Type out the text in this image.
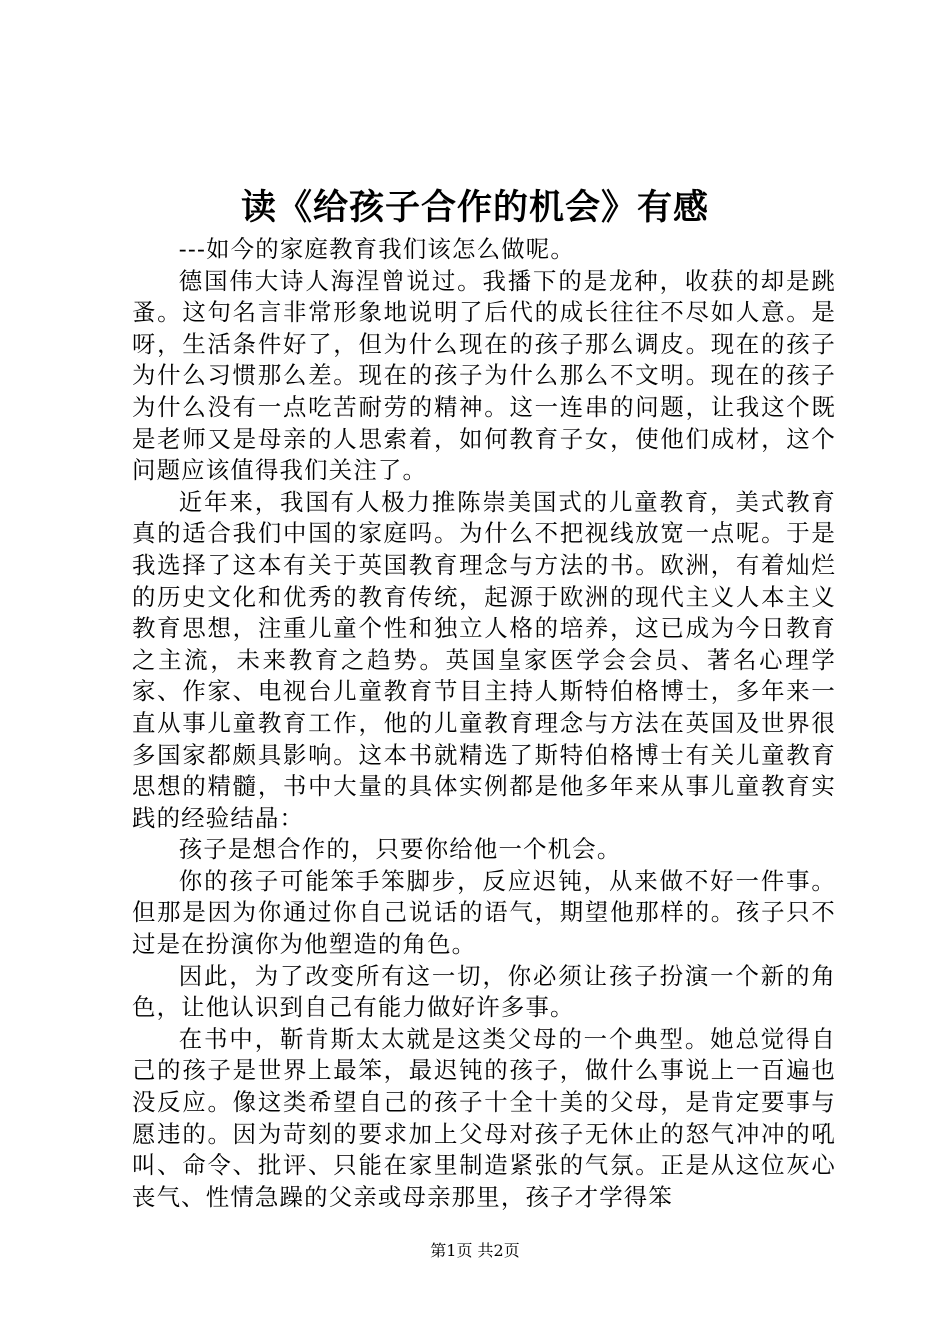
读《给孩子合作的机会》有感

---如今的家庭教育我们该怎么做呢。

德国伟大诗人海涅曾说过。我播下的是龙种，收获的却是跳蚤。这句名言非常形象地说明了后代的成长往往不尽如人意。是呀，生活条件好了，但为什么现在的孩子那么调皮。现在的孩子为什么习惯那么差。现在的孩子为什么那么不文明。现在的孩子为什么没有一点吃苦耐劳的精神。这一连串的问题，让我这个既是老师又是母亲的人思索着，如何教育子女，使他们成材，这个问题应该值得我们关注了。

近年来，我国有人极力推陈崇美国式的儿童教育，美式教育真的适合我们中国的家庭吗。为什么不把视线放宽一点呢。于是我选择了这本有关于英国教育理念与方法的书。欧洲，有着灿烂的历史文化和优秀的教育传统，起源于欧洲的现代主义人本主义教育思想，注重儿童个性和独立人格的培养，这已成为今日教育之主流，未来教育之趋势。英国皇家医学会会员、著名心理学家、作家、电视台儿童教育节目主持人斯特伯格博士，多年来一直从事儿童教育工作，他的儿童教育理念与方法在英国及世界很多国家都颇具影响。这本书就精选了斯特伯格博士有关儿童教育思想的精髓，书中大量的具体实例都是他多年来从事儿童教育实践的经验结晶：

孩子是想合作的，只要你给他一个机会。

你的孩子可能笨手笨脚步，反应迟钝，从来做不好一件事。但那是因为你通过你自己说话的语气，期望他那样的。孩子只不过是在扮演你为他塑造的角色。

因此，为了改变所有这一切，你必须让孩子扮演一个新的角色，让他认识到自己有能力做好许多事。

在书中，靳肯斯太太就是这类父母的一个典型。她总觉得自己的孩子是世界上最笨，最迟钝的孩子，做什么事说上一百遍也没反应。像这类希望自己的孩子十全十美的父母，是肯定要事与愿违的。因为苛刻的要求加上父母对孩子无休止的怒气冲冲的吼叫、命令、批评、只能在家里制造紧张的气氛。正是从这位灰心丧气、性情急躁的父亲或母亲那里，孩子才学得笨

第1页 共2页
